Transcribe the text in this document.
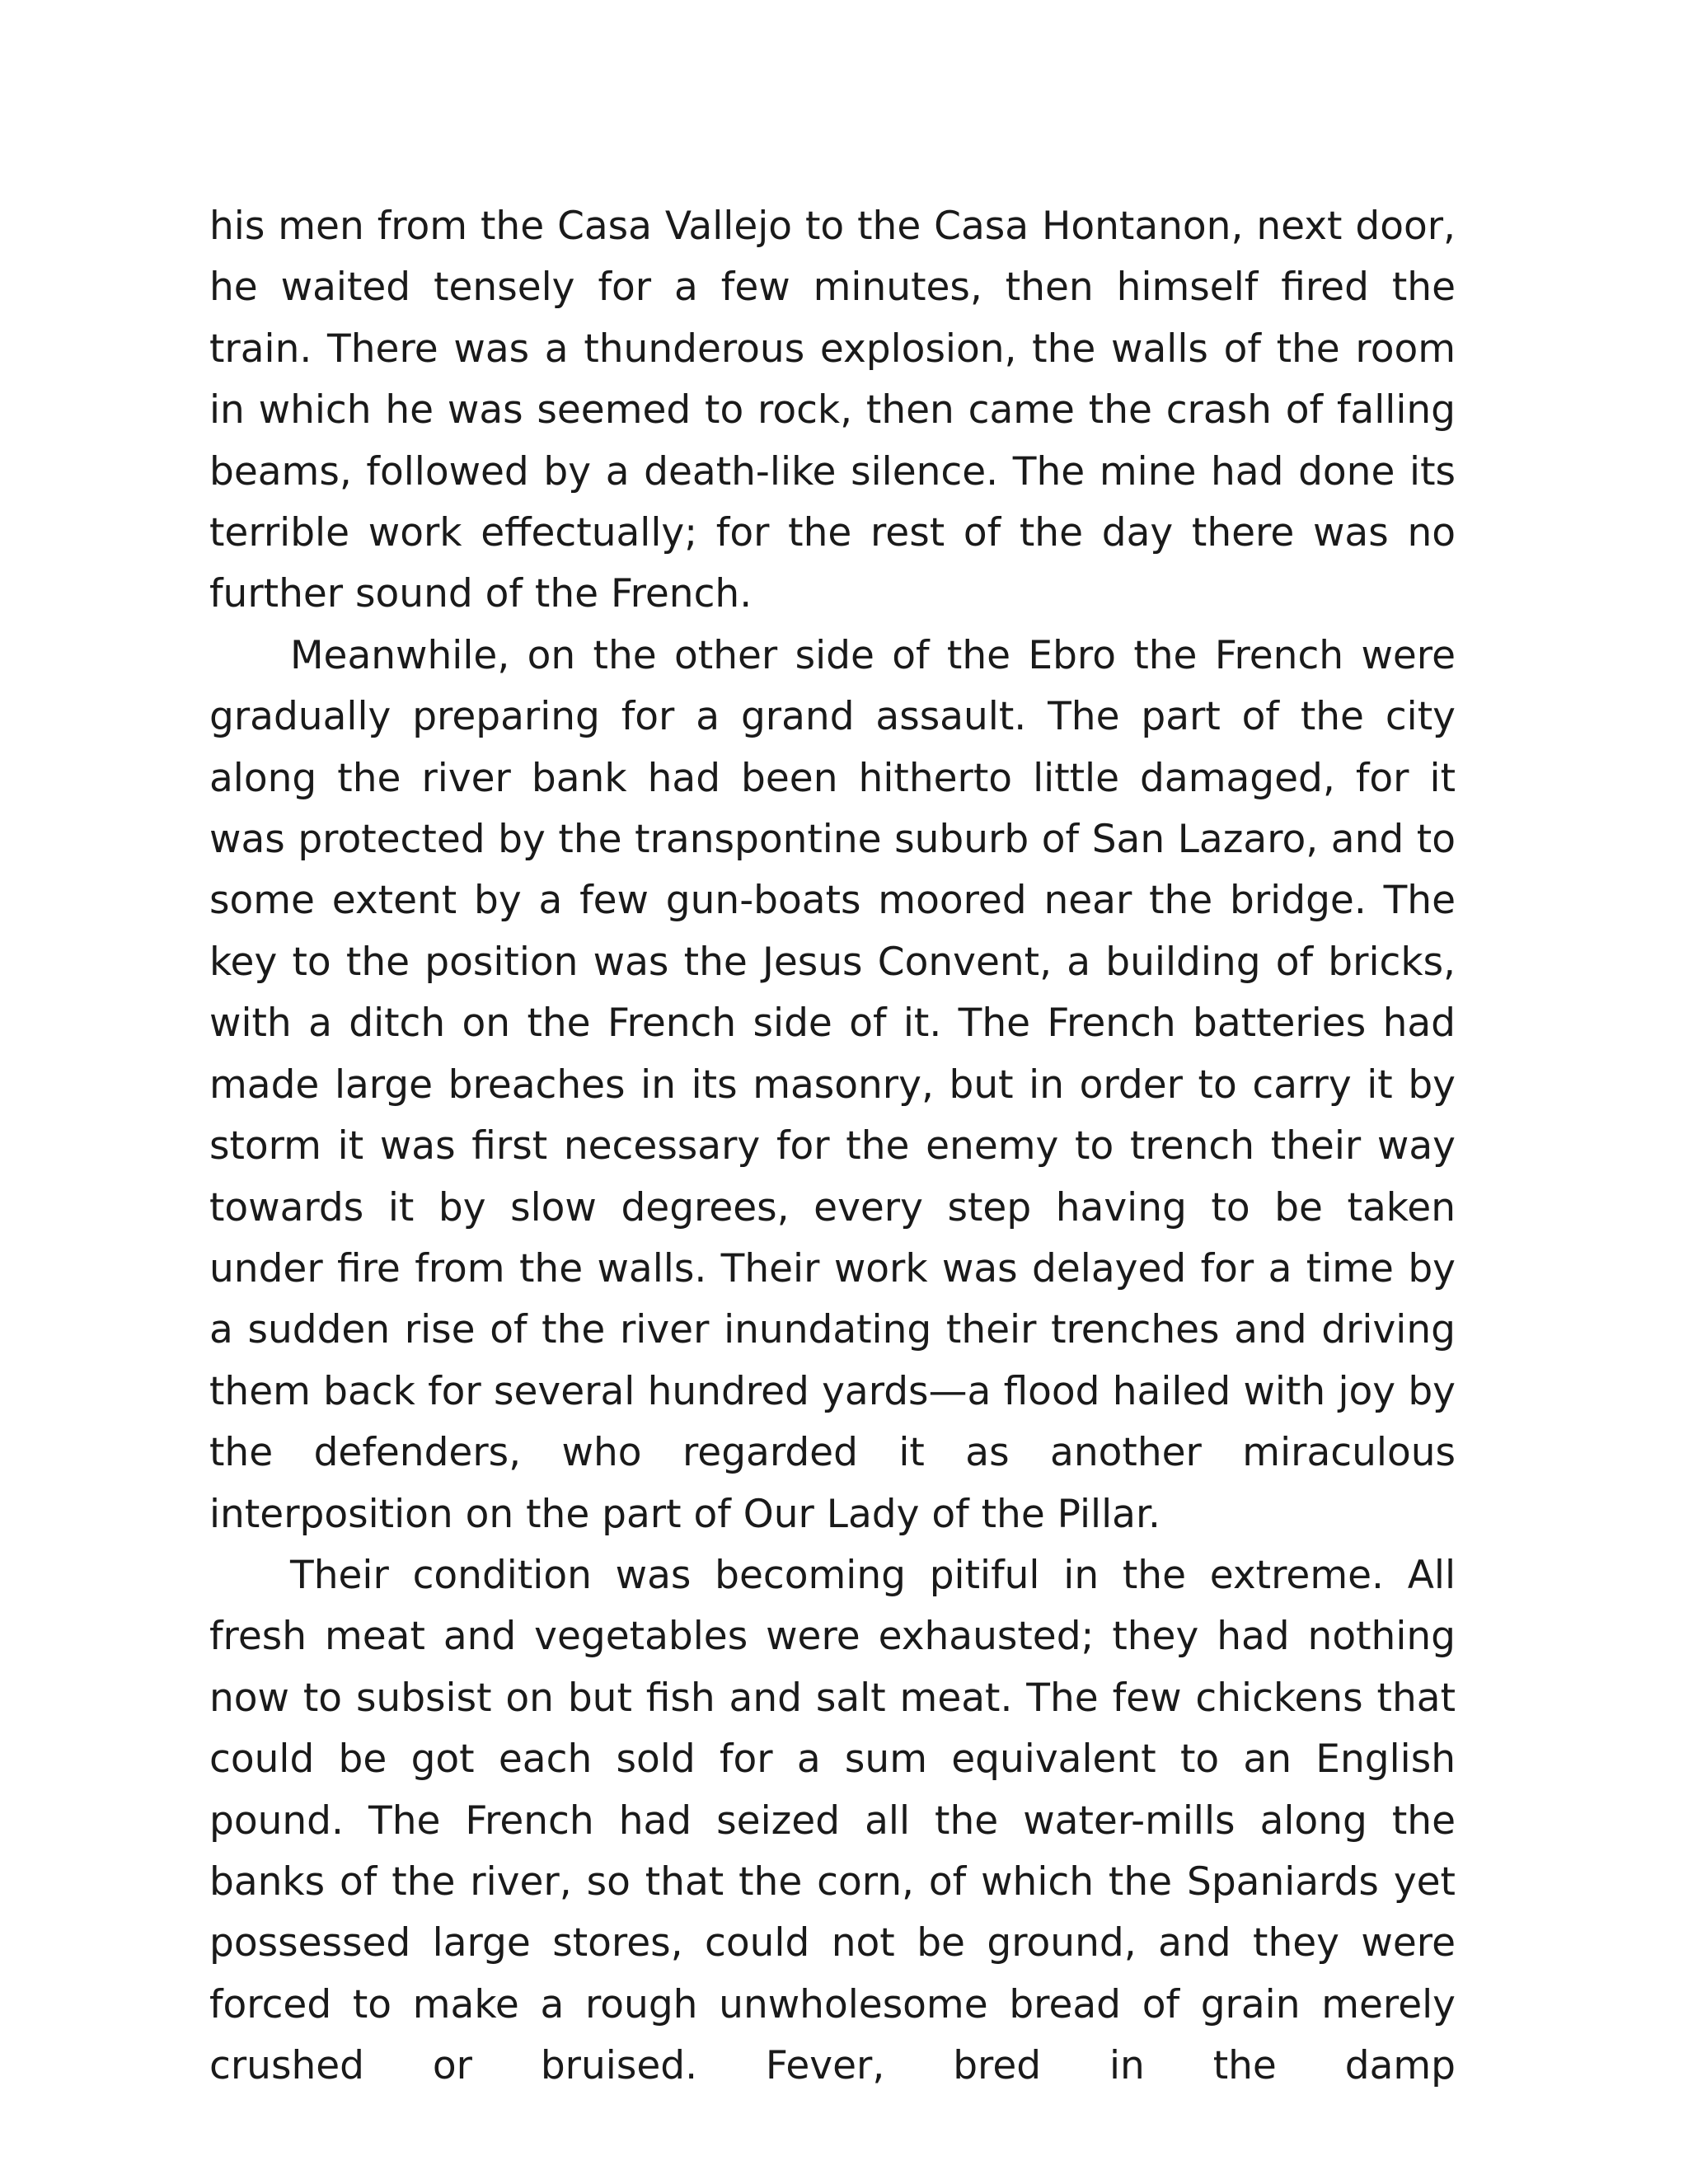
his men from the Casa Vallejo to the Casa Hontanon, next door, he waited tensely for a few minutes, then himself fired the train. There was a thunderous explosion, the walls of the room in which he was seemed to rock, then came the crash of falling beams, followed by a death-like silence. The mine had done its terrible work effectually; for the rest of the day there was no further sound of the French.

Meanwhile, on the other side of the Ebro the French were gradually preparing for a grand assault. The part of the city along the river bank had been hitherto little damaged, for it was protected by the transpontine suburb of San Lazaro, and to some extent by a few gun-boats moored near the bridge. The key to the position was the Jesus Convent, a building of bricks, with a ditch on the French side of it. The French batteries had made large breaches in its masonry, but in order to carry it by storm it was first necessary for the enemy to trench their way towards it by slow degrees, every step having to be taken under fire from the walls. Their work was delayed for a time by a sudden rise of the river inundating their trenches and driving them back for several hundred yards—a flood hailed with joy by the defenders, who regarded it as another miraculous interposition on the part of Our Lady of the Pillar.

Their condition was becoming pitiful in the extreme. All fresh meat and vegetables were exhausted; they had nothing now to subsist on but fish and salt meat. The few chickens that could be got each sold for a sum equivalent to an English pound. The French had seized all the water-mills along the banks of the river, so that the corn, of which the Spaniards yet possessed large stores, could not be ground, and they were forced to make a rough unwholesome bread of grain merely crushed or bruised. Fever, bred in the damp
